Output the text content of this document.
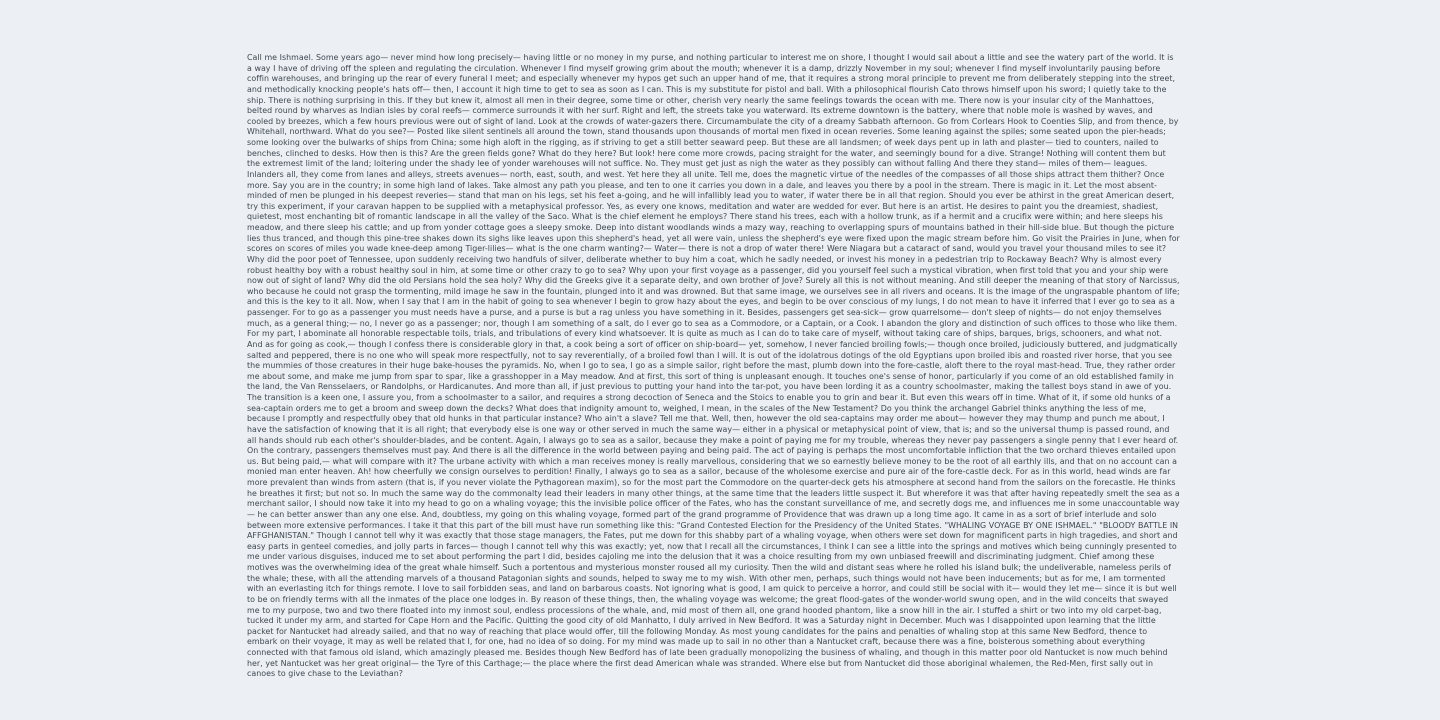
Call me Ishmael. Some years ago— never mind how long precisely— having little or no money in my purse, and nothing particular to interest me on shore, I thought I would sail about a little and see the watery part of the world. It is a way I have of driving off the spleen and regulating the circulation. Whenever I find myself growing grim about the mouth; whenever it is a damp, drizzly November in my soul; whenever I find myself involuntarily pausing before coffin warehouses, and bringing up the rear of every funeral I meet; and especially whenever my hypos get such an upper hand of me, that it requires a strong moral principle to prevent me from deliberately stepping into the street, and methodically knocking people's hats off— then, I account it high time to get to sea as soon as I can. This is my substitute for pistol and ball. With a philosophical flourish Cato throws himself upon his sword; I quietly take to the ship. There is nothing surprising in this. If they but knew it, almost all men in their degree, some time or other, cherish very nearly the same feelings towards the ocean with me. There now is your insular city of the Manhattoes, belted round by wharves as Indian isles by coral reefs— commerce surrounds it with her surf. Right and left, the streets take you waterward. Its extreme downtown is the battery, where that noble mole is washed by waves, and cooled by breezes, which a few hours previous were out of sight of land. Look at the crowds of water-gazers there. Circumambulate the city of a dreamy Sabbath afternoon. Go from Corlears Hook to Coenties Slip, and from thence, by Whitehall, northward. What do you see?— Posted like silent sentinels all around the town, stand thousands upon thousands of mortal men fixed in ocean reveries. Some leaning against the spiles; some seated upon the pier-heads; some looking over the bulwarks of ships from China; some high aloft in the rigging, as if striving to get a still better seaward peep. But these are all landsmen; of week days pent up in lath and plaster— tied to counters, nailed to benches, clinched to desks. How then is this? Are the green fields gone? What do they here? But look! here come more crowds, pacing straight for the water, and seemingly bound for a dive. Strange! Nothing will content them but the extremest limit of the land; loitering under the shady lee of yonder warehouses will not suffice. No. They must get just as nigh the water as they possibly can without falling And there they stand— miles of them— leagues. Inlanders all, they come from lanes and alleys, streets avenues— north, east, south, and west. Yet here they all unite. Tell me, does the magnetic virtue of the needles of the compasses of all those ships attract them thither? Once more. Say you are in the country; in some high land of lakes. Take almost any path you please, and ten to one it carries you down in a dale, and leaves you there by a pool in the stream. There is magic in it. Let the most absent-minded of men be plunged in his deepest reveries— stand that man on his legs, set his feet a-going, and he will infallibly lead you to water, if water there be in all that region. Should you ever be athirst in the great American desert, try this experiment, if your caravan happen to be supplied with a metaphysical professor. Yes, as every one knows, meditation and water are wedded for ever. But here is an artist. He desires to paint you the dreamiest, shadiest, quietest, most enchanting bit of romantic landscape in all the valley of the Saco. What is the chief element he employs? There stand his trees, each with a hollow trunk, as if a hermit and a crucifix were within; and here sleeps his meadow, and there sleep his cattle; and up from yonder cottage goes a sleepy smoke. Deep into distant woodlands winds a mazy way, reaching to overlapping spurs of mountains bathed in their hill-side blue. But though the picture lies thus tranced, and though this pine-tree shakes down its sighs like leaves upon this shepherd's head, yet all were vain, unless the shepherd's eye were fixed upon the magic stream before him. Go visit the Prairies in June, when for scores on scores of miles you wade knee-deep among Tiger-lilies— what is the one charm wanting?— Water— there is not a drop of water there! Were Niagara but a cataract of sand, would you travel your thousand miles to see it? Why did the poor poet of Tennessee, upon suddenly receiving two handfuls of silver, deliberate whether to buy him a coat, which he sadly needed, or invest his money in a pedestrian trip to Rockaway Beach? Why is almost every robust healthy boy with a robust healthy soul in him, at some time or other crazy to go to sea? Why upon your first voyage as a passenger, did you yourself feel such a mystical vibration, when first told that you and your ship were now out of sight of land? Why did the old Persians hold the sea holy? Why did the Greeks give it a separate deity, and own brother of Jove? Surely all this is not without meaning. And still deeper the meaning of that story of Narcissus, who because he could not grasp the tormenting, mild image he saw in the fountain, plunged into it and was drowned. But that same image, we ourselves see in all rivers and oceans. It is the image of the ungraspable phantom of life; and this is the key to it all. Now, when I say that I am in the habit of going to sea whenever I begin to grow hazy about the eyes, and begin to be over conscious of my lungs, I do not mean to have it inferred that I ever go to sea as a passenger. For to go as a passenger you must needs have a purse, and a purse is but a rag unless you have something in it. Besides, passengers get sea-sick— grow quarrelsome— don't sleep of nights— do not enjoy themselves much, as a general thing;— no, I never go as a passenger; nor, though I am something of a salt, do I ever go to sea as a Commodore, or a Captain, or a Cook. I abandon the glory and distinction of such offices to those who like them. For my part, I abominate all honorable respectable toils, trials, and tribulations of every kind whatsoever. It is quite as much as I can do to take care of myself, without taking care of ships, barques, brigs, schooners, and what not. And as for going as cook,— though I confess there is considerable glory in that, a cook being a sort of officer on ship-board— yet, somehow, I never fancied broiling fowls;— though once broiled, judiciously buttered, and judgmatically salted and peppered, there is no one who will speak more respectfully, not to say reverentially, of a broiled fowl than I will. It is out of the idolatrous dotings of the old Egyptians upon broiled ibis and roasted river horse, that you see the mummies of those creatures in their huge bake-houses the pyramids. No, when I go to sea, I go as a simple sailor, right before the mast, plumb down into the fore-castle, aloft there to the royal mast-head. True, they rather order me about some, and make me jump from spar to spar, like a grasshopper in a May meadow. And at first, this sort of thing is unpleasant enough. It touches one's sense of honor, particularly if you come of an old established family in the land, the Van Rensselaers, or Randolphs, or Hardicanutes. And more than all, if just previous to putting your hand into the tar-pot, you have been lording it as a country schoolmaster, making the tallest boys stand in awe of you. The transition is a keen one, I assure you, from a schoolmaster to a sailor, and requires a strong decoction of Seneca and the Stoics to enable you to grin and bear it. But even this wears off in time. What of it, if some old hunks of a sea-captain orders me to get a broom and sweep down the decks? What does that indignity amount to, weighed, I mean, in the scales of the New Testament? Do you think the archangel Gabriel thinks anything the less of me, because I promptly and respectfully obey that old hunks in that particular instance? Who ain't a slave? Tell me that. Well, then, however the old sea-captains may order me about— however they may thump and punch me about, I have the satisfaction of knowing that it is all right; that everybody else is one way or other served in much the same way— either in a physical or metaphysical point of view, that is; and so the universal thump is passed round, and all hands should rub each other's shoulder-blades, and be content. Again, I always go to sea as a sailor, because they make a point of paying me for my trouble, whereas they never pay passengers a single penny that I ever heard of. On the contrary, passengers themselves must pay. And there is all the difference in the world between paying and being paid. The act of paying is perhaps the most uncomfortable infliction that the two orchard thieves entailed upon us. But being paid,— what will compare with it? The urbane activity with which a man receives money is really marvellous, considering that we so earnestly believe money to be the root of all earthly ills, and that on no account can a monied man enter heaven. Ah! how cheerfully we consign ourselves to perdition! Finally, I always go to sea as a sailor, because of the wholesome exercise and pure air of the fore-castle deck. For as in this world, head winds are far more prevalent than winds from astern (that is, if you never violate the Pythagorean maxim), so for the most part the Commodore on the quarter-deck gets his atmosphere at second hand from the sailors on the forecastle. He thinks he breathes it first; but not so. In much the same way do the commonalty lead their leaders in many other things, at the same time that the leaders little suspect it. But wherefore it was that after having repeatedly smelt the sea as a merchant sailor, I should now take it into my head to go on a whaling voyage; this the invisible police officer of the Fates, who has the constant surveillance of me, and secretly dogs me, and influences me in some unaccountable way— he can better answer than any one else. And, doubtless, my going on this whaling voyage, formed part of the grand programme of Providence that was drawn up a long time ago. It came in as a sort of brief interlude and solo between more extensive performances. I take it that this part of the bill must have run something like this: "Grand Contested Election for the Presidency of the United States. "WHALING VOYAGE BY ONE ISHMAEL." "BLOODY BATTLE IN AFFGHANISTAN." Though I cannot tell why it was exactly that those stage managers, the Fates, put me down for this shabby part of a whaling voyage, when others were set down for magnificent parts in high tragedies, and short and easy parts in genteel comedies, and jolly parts in farces— though I cannot tell why this was exactly; yet, now that I recall all the circumstances, I think I can see a little into the springs and motives which being cunningly presented to me under various disguises, induced me to set about performing the part I did, besides cajoling me into the delusion that it was a choice resulting from my own unbiased freewill and discriminating judgment. Chief among these motives was the overwhelming idea of the great whale himself. Such a portentous and mysterious monster roused all my curiosity. Then the wild and distant seas where he rolled his island bulk; the undeliverable, nameless perils of the whale; these, with all the attending marvels of a thousand Patagonian sights and sounds, helped to sway me to my wish. With other men, perhaps, such things would not have been inducements; but as for me, I am tormented with an everlasting itch for things remote. I love to sail forbidden seas, and land on barbarous coasts. Not ignoring what is good, I am quick to perceive a horror, and could still be social with it— would they let me— since it is but well to be on friendly terms with all the inmates of the place one lodges in. By reason of these things, then, the whaling voyage was welcome; the great flood-gates of the wonder-world swung open, and in the wild conceits that swayed me to my purpose, two and two there floated into my inmost soul, endless processions of the whale, and, mid most of them all, one grand hooded phantom, like a snow hill in the air. I stuffed a shirt or two into my old carpet-bag, tucked it under my arm, and started for Cape Horn and the Pacific. Quitting the good city of old Manhatto, I duly arrived in New Bedford. It was a Saturday night in December. Much was I disappointed upon learning that the little packet for Nantucket had already sailed, and that no way of reaching that place would offer, till the following Monday. As most young candidates for the pains and penalties of whaling stop at this same New Bedford, thence to embark on their voyage, it may as well be related that I, for one, had no idea of so doing. For my mind was made up to sail in no other than a Nantucket craft, because there was a fine, boisterous something about everything connected with that famous old island, which amazingly pleased me. Besides though New Bedford has of late been gradually monopolizing the business of whaling, and though in this matter poor old Nantucket is now much behind her, yet Nantucket was her great original— the Tyre of this Carthage;— the place where the first dead American whale was stranded. Where else but from Nantucket did those aboriginal whalemen, the Red-Men, first sally out in canoes to give chase to the Leviathan?
